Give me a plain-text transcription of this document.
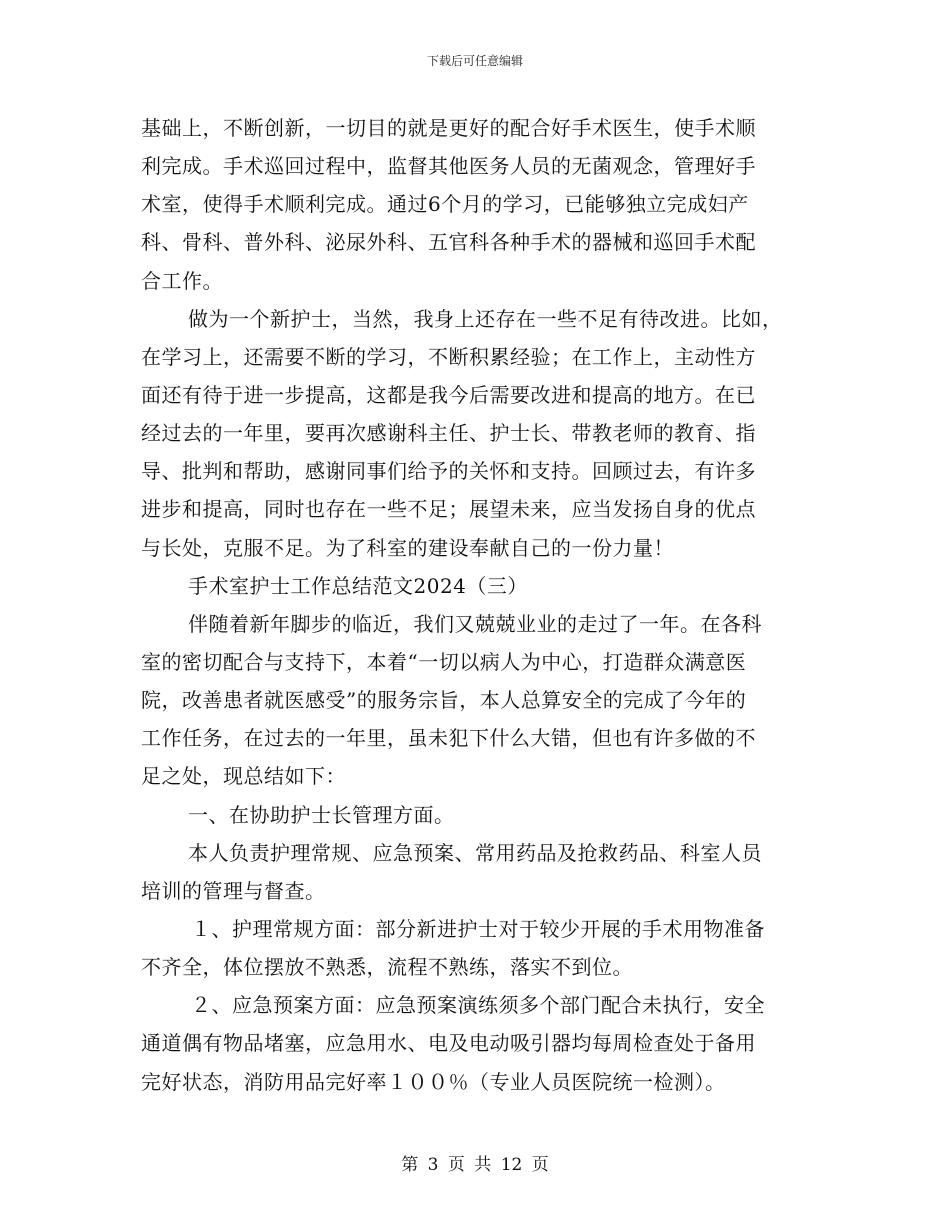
下载后可任意编辑
基础上，不断创新，一切目的就是更好的配合好手术医生，使手术顺
利完成。手术巡回过程中，监督其他医务人员的无菌观念，管理好手
术室，使得手术顺利完成。通过6个月的学习，已能够独立完成妇产
科、骨科、普外科、泌尿外科、五官科各种手术的器械和巡回手术配
合工作。
做为一个新护士，当然，我身上还存在一些不足有待改进。比如，
在学习上，还需要不断的学习，不断积累经验；在工作上，主动性方
面还有待于进一步提高，这都是我今后需要改进和提高的地方。在已
经过去的一年里，要再次感谢科主任、护士长、带教老师的教育、指
导、批判和帮助，感谢同事们给予的关怀和支持。回顾过去，有许多
进步和提高，同时也存在一些不足；展望未来，应当发扬自身的优点
与长处，克服不足。为了科室的建设奉献自己的一份力量！
手术室护士工作总结范文2024（三）
伴随着新年脚步的临近，我们又兢兢业业的走过了一年。在各科
室的密切配合与支持下，本着“一切以病人为中心，打造群众满意医
院，改善患者就医感受”的服务宗旨，本人总算安全的完成了今年的
工作任务，在过去的一年里，虽未犯下什么大错，但也有许多做的不
足之处，现总结如下：
一、在协助护士长管理方面。
本人负责护理常规、应急预案、常用药品及抢救药品、科室人员
培训的管理与督查。
１、护理常规方面：部分新进护士对于较少开展的手术用物准备
不齐全，体位摆放不熟悉，流程不熟练，落实不到位。
２、应急预案方面：应急预案演练须多个部门配合未执行，安全
通道偶有物品堵塞，应急用水、电及电动吸引器均每周检查处于备用
完好状态，消防用品完好率１００％（专业人员医院统一检测）。
第 3 页 共 12 页
